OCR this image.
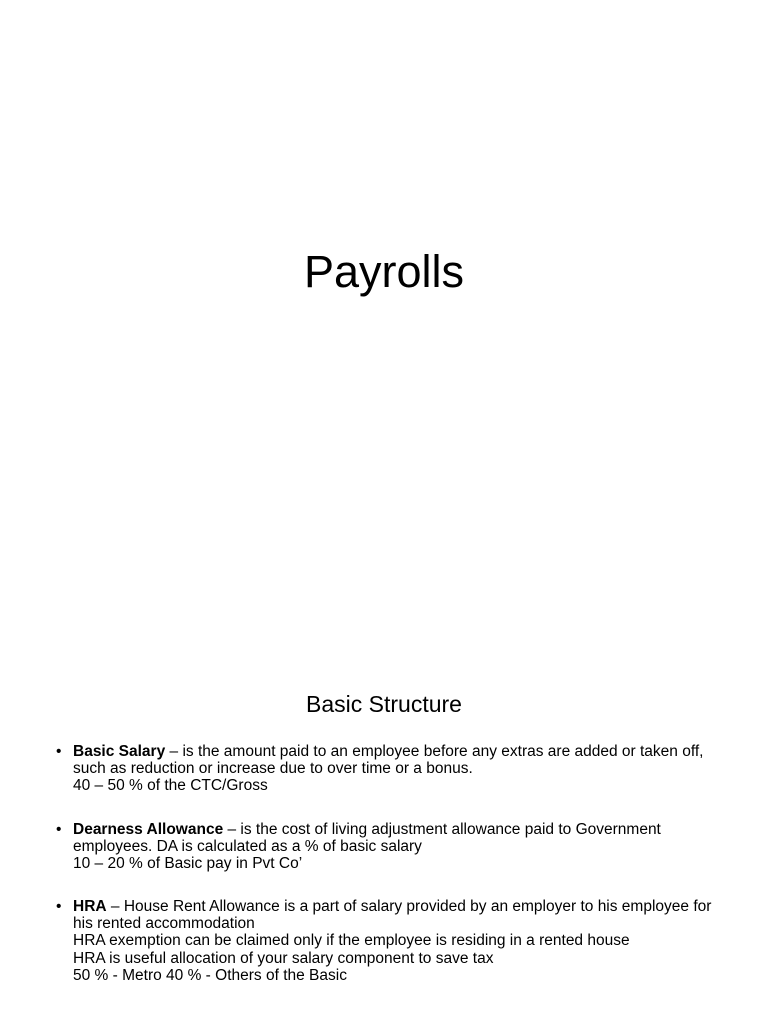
Payrolls
Basic Structure
• Basic Salary – is the amount paid to an employee before any extras are added or taken off, such as reduction or increase due to over time or a bonus.
40 – 50 % of the CTC/Gross
• Dearness Allowance – is the cost of living adjustment allowance paid to Government employees. DA is calculated as a % of basic salary
10 – 20 % of Basic pay in Pvt Co’
• HRA – House Rent Allowance is a part of salary provided by an employer to his employee for his rented accommodation
HRA exemption can be claimed only if the employee is residing in a rented house
HRA is useful allocation of your salary component to save tax
50 % - Metro 40 % - Others of the Basic
